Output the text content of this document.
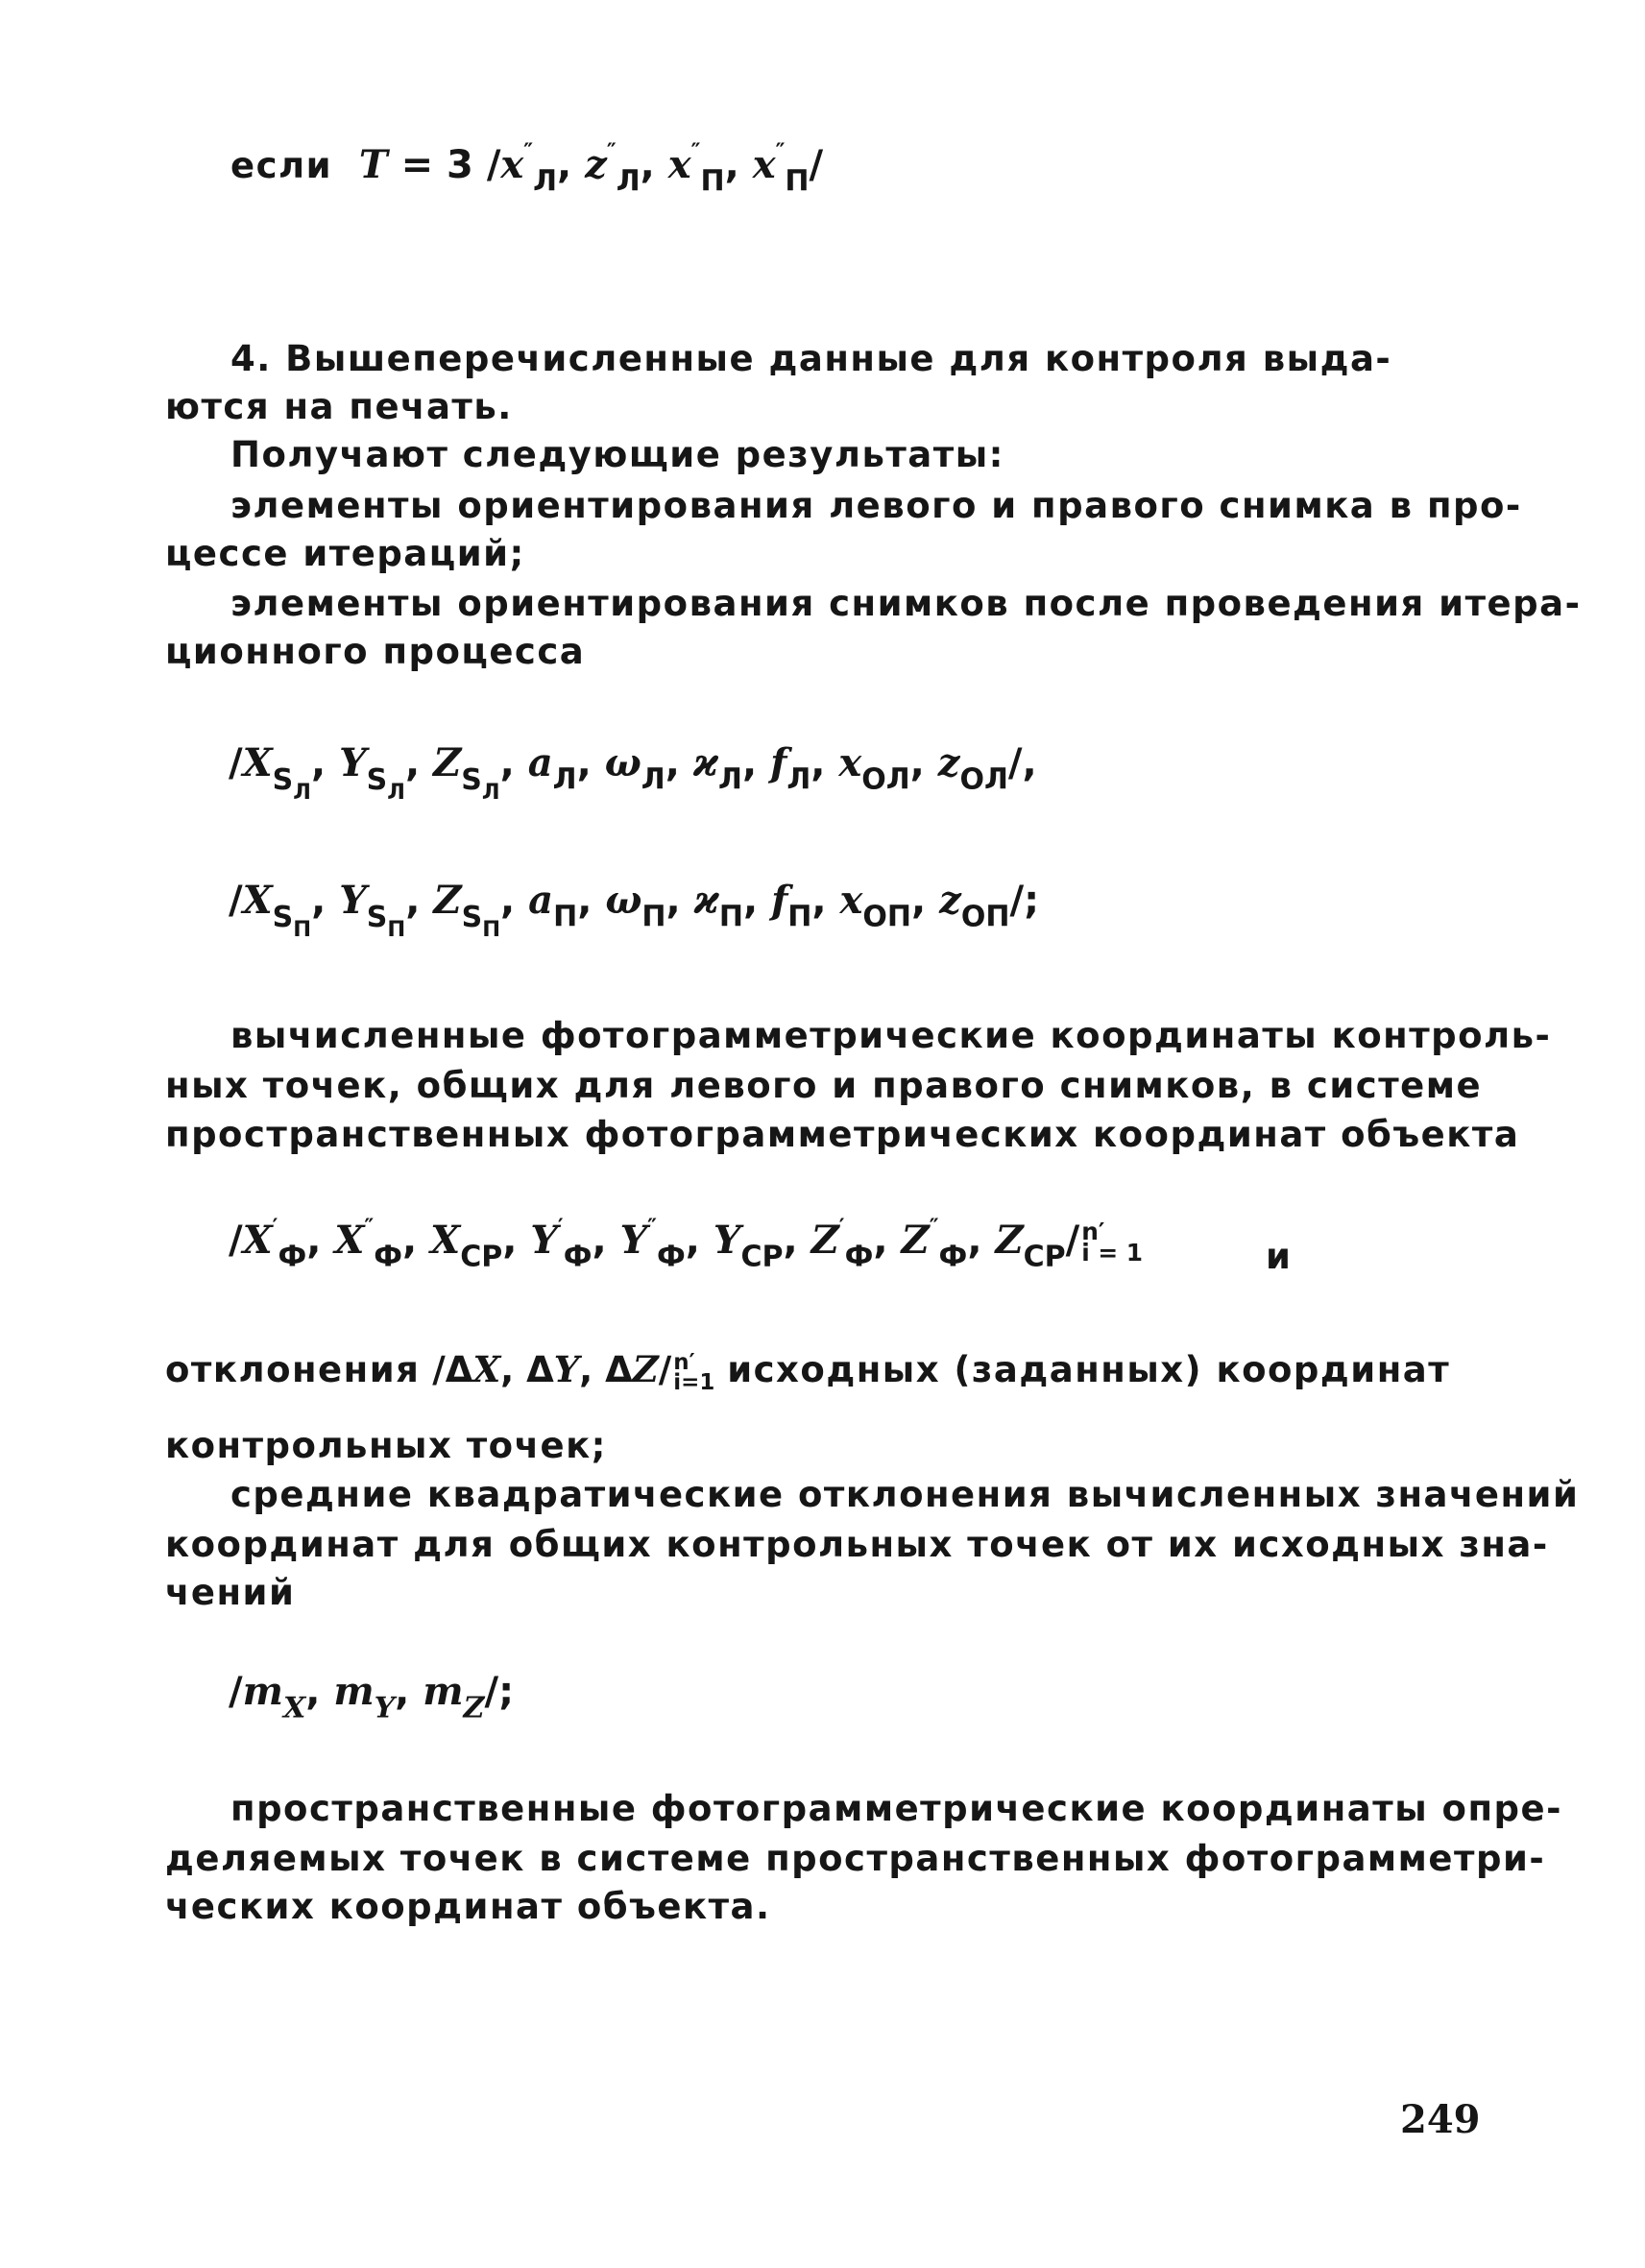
если T = 3 $/x''_Л$, $z''_Л$, $x''_П$, $x''_П/$
4. Вышеперечисленные данные для контроля выда-
ются на печать.
Получают следующие результаты:
элементы ориентирования левого и правого снимка в про-
цессе итераций;
элементы ориентирования снимков после проведения итера-
ционного процесса
$/X_{S_Л}$, $Y_{S_Л}$, $Z_{S_Л}$, $a_Л$, $\omega_Л$, $ϰ_Л$, $f_Л$, $x_{ОЛ}$, $z_{ОЛ}/$,
$/X_{S_П}$, $Y_{S_П}$, $Z_{S_П}$, $a_П$, $\omega_П$, $ϰ_П$, $f_П$, $x_{ОП}$, $z_{ОП}/$;
вычисленные фотограмметрические координаты контроль-
ных точек, общих для левого и правого снимков, в системе
пространственных фотограмметрических координат объекта
$/X'_Ф$, $X''_Ф$, $X_{СР}$, $Y'_Ф$, $Y''_Ф$, $Y_{СР}$, $Z'_Ф$, $Z''_Ф$, $Z_{СР}/$ n′
i = 1	и
отклонения /ΔX, ΔY, ΔZ/ n′
i=1 исходных (заданных) координат
контрольных точек;
средние квадратические отклонения вычисленных значений
координат для общих контрольных точек от их исходных зна-
чений
$/m_X$, $m_Y$, $m_Z/$;
пространственные фотограмметрические координаты опре-
деляемых точек в системе пространственных фотограмметри-
ческих координат объекта.
249
